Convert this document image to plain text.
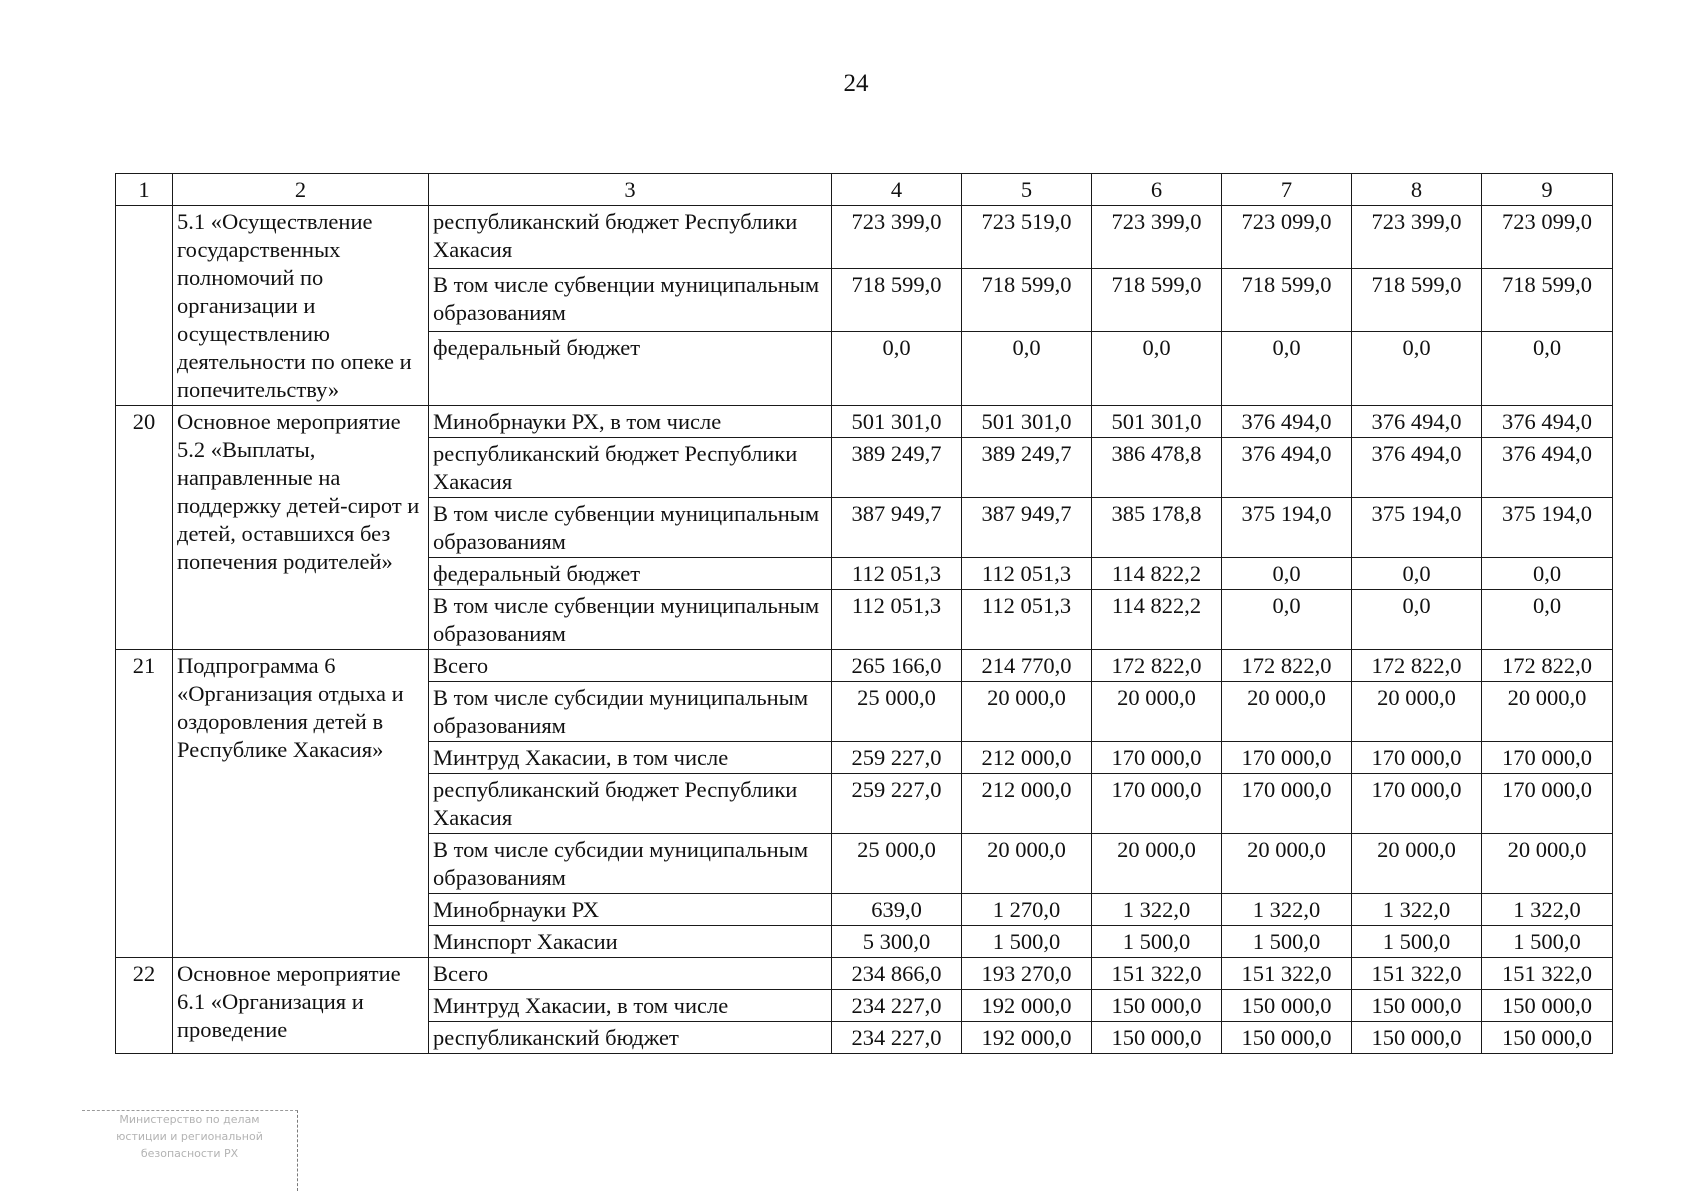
24
1	2	3	4	5	6	7	8	9
	5.1 «Осуществление государственных полномочий по организации и осуществлению деятельности по опеке и попечительству»	республиканский бюджет Республики Хакасия	723 399,0	723 519,0	723 399,0	723 099,0	723 399,0	723 099,0
		В том числе субвенции муниципальным образованиям	718 599,0	718 599,0	718 599,0	718 599,0	718 599,0	718 599,0
		федеральный бюджет	0,0	0,0	0,0	0,0	0,0	0,0
20	Основное мероприятие 5.2 «Выплаты, направленные на поддержку детей-сирот и детей, оставшихся без попечения родителей»	Минобрнауки РХ, в том числе	501 301,0	501 301,0	501 301,0	376 494,0	376 494,0	376 494,0
		республиканский бюджет Республики Хакасия	389 249,7	389 249,7	386 478,8	376 494,0	376 494,0	376 494,0
		В том числе субвенции муниципальным образованиям	387 949,7	387 949,7	385 178,8	375 194,0	375 194,0	375 194,0
		федеральный бюджет	112 051,3	112 051,3	114 822,2	0,0	0,0	0,0
		В том числе субвенции муниципальным образованиям	112 051,3	112 051,3	114 822,2	0,0	0,0	0,0
21	Подпрограмма 6 «Организация отдыха и оздоровления детей в Республике Хакасия»	Всего	265 166,0	214 770,0	172 822,0	172 822,0	172 822,0	172 822,0
		В том числе субсидии муниципальным образованиям	25 000,0	20 000,0	20 000,0	20 000,0	20 000,0	20 000,0
		Минтруд Хакасии, в том числе	259 227,0	212 000,0	170 000,0	170 000,0	170 000,0	170 000,0
		республиканский бюджет Республики Хакасия	259 227,0	212 000,0	170 000,0	170 000,0	170 000,0	170 000,0
		В том числе субсидии муниципальным образованиям	25 000,0	20 000,0	20 000,0	20 000,0	20 000,0	20 000,0
		Минобрнауки РХ	639,0	1 270,0	1 322,0	1 322,0	1 322,0	1 322,0
		Минспорт Хакасии	5 300,0	1 500,0	1 500,0	1 500,0	1 500,0	1 500,0
22	Основное мероприятие 6.1 «Организация и проведение	Всего	234 866,0	193 270,0	151 322,0	151 322,0	151 322,0	151 322,0
		Минтруд Хакасии, в том числе	234 227,0	192 000,0	150 000,0	150 000,0	150 000,0	150 000,0
		республиканский бюджет	234 227,0	192 000,0	150 000,0	150 000,0	150 000,0	150 000,0
Министерство по делам
юстиции и региональной
безопасности РХ
